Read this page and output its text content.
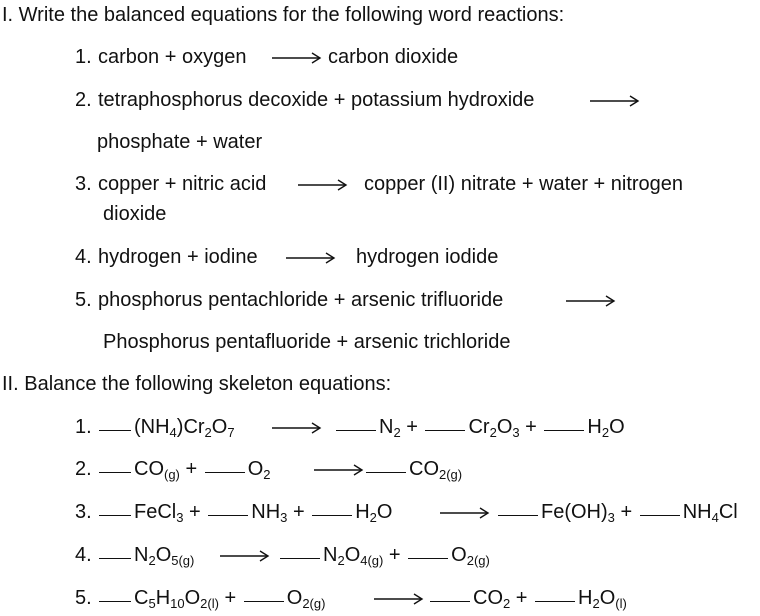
I. Write the balanced equations for the following word reactions:
1. carbon + oxygen → carbon dioxide
2. tetraphosphorus decoxide + potassium hydroxide
phosphate + water
3. copper + nitric acid → copper (II) nitrate + water + nitrogen
dioxide
4. hydrogen + iodine → hydrogen iodide
5. phosphorus pentachloride + arsenic trifluoride
Phosphorus pentafluoride + arsenic trichloride
II. Balance the following skeleton equations:
1.	$(NH_4)Cr_2O_7$	$N_2 + Cr_2O_3 + H_2O$
2.	$CO_{(g)} + O_2$	$CO_{2(g)}$
3.	FeCl$_3$ + $NH_3 + H_2O$	$Fe(OH)_3 + NH_4Cl$
4.	$N_2O_{5(g)}$	$N_2O_{4(g)} + O_{2(g)}$
5.	$C_5H_{10}O_{2(l)} + O_{2(g)}$	$CO_2 + H_2O_{(l)}$
